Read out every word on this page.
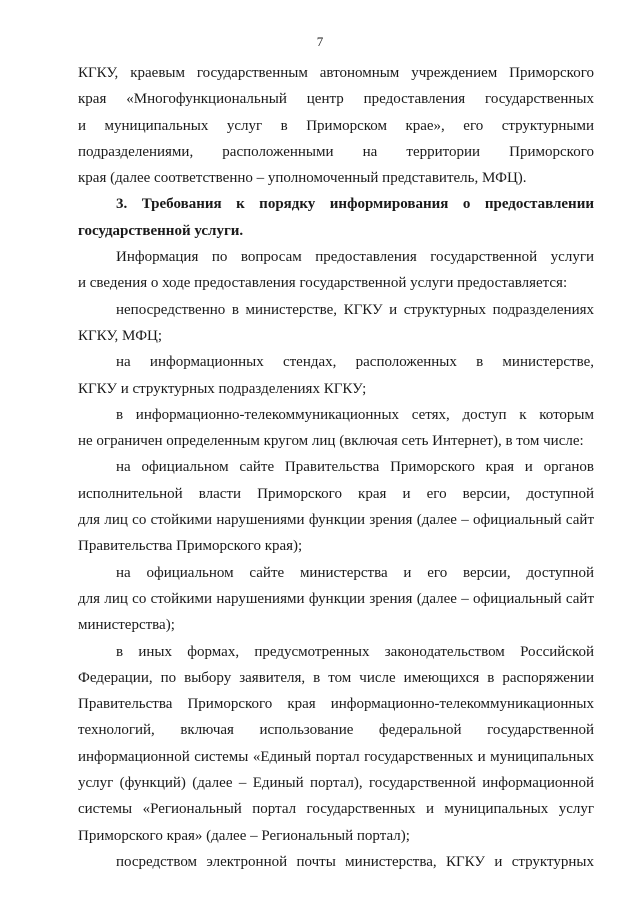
7
КГКУ, краевым государственным автономным учреждением Приморского
края «Многофункциональный центр предоставления государственных
и муниципальных услуг в Приморском крае», его структурными
подразделениями, расположенными на территории Приморского
края (далее соответственно – уполномоченный представитель, МФЦ).
3. Требования к порядку информирования о предоставлении
государственной услуги.
Информация по вопросам предоставления государственной услуги
и сведения о ходе предоставления государственной услуги предоставляется:
непосредственно в министерстве, КГКУ и структурных подразделениях
КГКУ, МФЦ;
на информационных стендах, расположенных в министерстве,
КГКУ и структурных подразделениях КГКУ;
в информационно-телекоммуникационных сетях, доступ к которым
не ограничен определенным кругом лиц (включая сеть Интернет), в том числе:
на официальном сайте Правительства Приморского края и органов
исполнительной власти Приморского края и его версии, доступной
для лиц со стойкими нарушениями функции зрения (далее – официальный сайт
Правительства Приморского края);
на официальном сайте министерства и его версии, доступной
для лиц со стойкими нарушениями функции зрения (далее – официальный сайт
министерства);
в иных формах, предусмотренных законодательством Российской
Федерации, по выбору заявителя, в том числе имеющихся в распоряжении
Правительства Приморского края информационно-телекоммуникационных
технологий, включая использование федеральной государственной
информационной системы «Единый портал государственных и муниципальных
услуг (функций) (далее – Единый портал), государственной информационной
системы «Региональный портал государственных и муниципальных услуг
Приморского края» (далее – Региональный портал);
посредством электронной почты министерства, КГКУ и структурных
